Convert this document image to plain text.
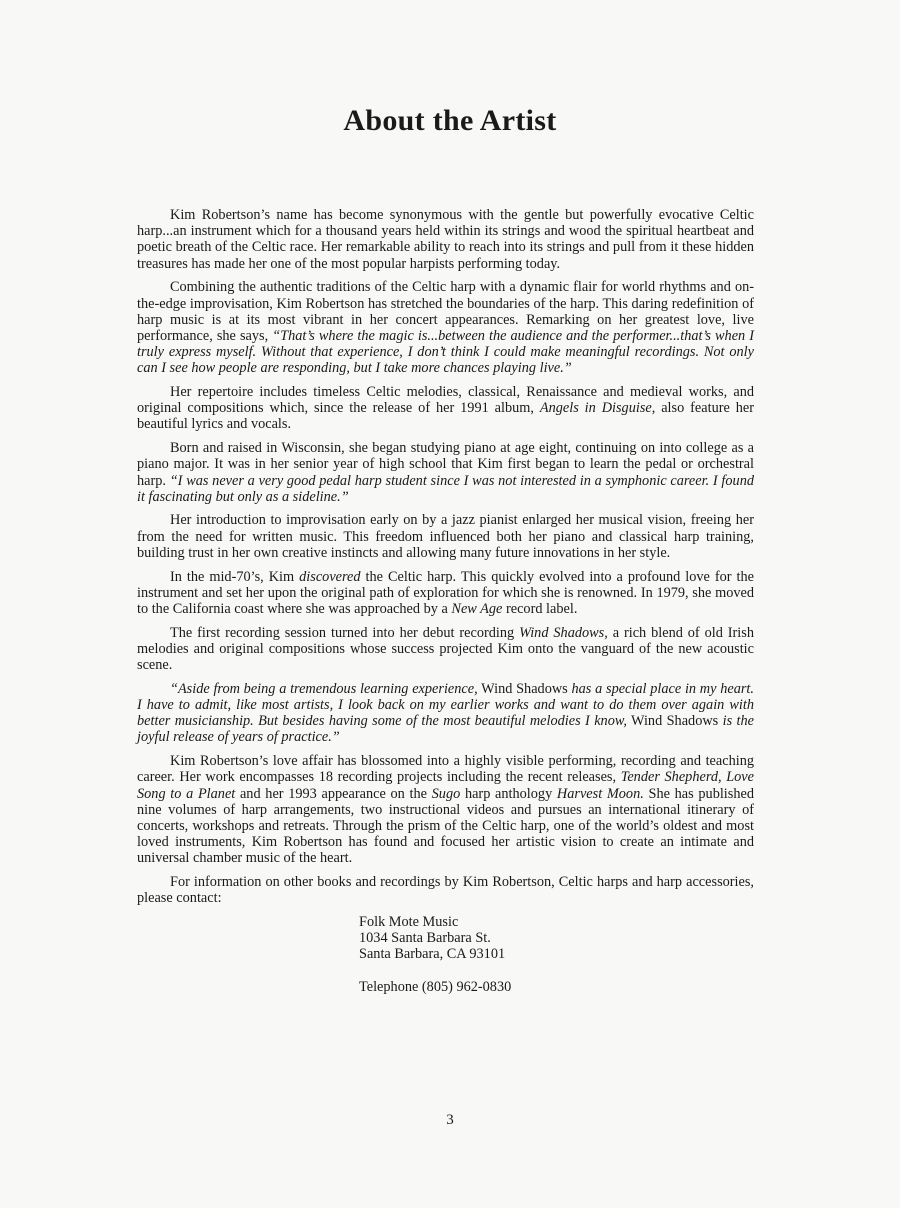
About the Artist

Kim Robertson’s name has become synonymous with the gentle but powerfully evocative Celtic harp...an instrument which for a thousand years held within its strings and wood the spiritual heartbeat and poetic breath of the Celtic race. Her remarkable ability to reach into its strings and pull from it these hidden treasures has made her one of the most popular harpists performing today.

Combining the authentic traditions of the Celtic harp with a dynamic flair for world rhythms and on-the-edge improvisation, Kim Robertson has stretched the boundaries of the harp. This daring redefinition of harp music is at its most vibrant in her concert appearances. Remarking on her greatest love, live performance, she says, “That’s where the magic is...between the audience and the performer...that’s when I truly express myself. Without that experience, I don’t think I could make meaningful recordings. Not only can I see how people are responding, but I take more chances playing live.”

Her repertoire includes timeless Celtic melodies, classical, Renaissance and medieval works, and original compositions which, since the release of her 1991 album, Angels in Disguise, also feature her beautiful lyrics and vocals.

Born and raised in Wisconsin, she began studying piano at age eight, continuing on into college as a piano major. It was in her senior year of high school that Kim first began to learn the pedal or orchestral harp. “I was never a very good pedal harp student since I was not interested in a symphonic career. I found it fascinating but only as a sideline.”

Her introduction to improvisation early on by a jazz pianist enlarged her musical vision, freeing her from the need for written music. This freedom influenced both her piano and classical harp training, building trust in her own creative instincts and allowing many future innovations in her style.

In the mid-70’s, Kim discovered the Celtic harp. This quickly evolved into a profound love for the instrument and set her upon the original path of exploration for which she is renowned. In 1979, she moved to the California coast where she was approached by a New Age record label.

The first recording session turned into her debut recording Wind Shadows, a rich blend of old Irish melodies and original compositions whose success projected Kim onto the vanguard of the new acoustic scene.

“Aside from being a tremendous learning experience, Wind Shadows has a special place in my heart. I have to admit, like most artists, I look back on my earlier works and want to do them over again with better musicianship. But besides having some of the most beautiful melodies I know, Wind Shadows is the joyful release of years of practice.”

Kim Robertson’s love affair has blossomed into a highly visible performing, recording and teaching career. Her work encompasses 18 recording projects including the recent releases, Tender Shepherd, Love Song to a Planet and her 1993 appearance on the Sugo harp anthology Harvest Moon. She has published nine volumes of harp arrangements, two instructional videos and pursues an international itinerary of concerts, workshops and retreats. Through the prism of the Celtic harp, one of the world’s oldest and most loved instruments, Kim Robertson has found and focused her artistic vision to create an intimate and universal chamber music of the heart.

For information on other books and recordings by Kim Robertson, Celtic harps and harp accessories, please contact:

Folk Mote Music
1034 Santa Barbara St.
Santa Barbara, CA 93101
Telephone (805) 962-0830
3
